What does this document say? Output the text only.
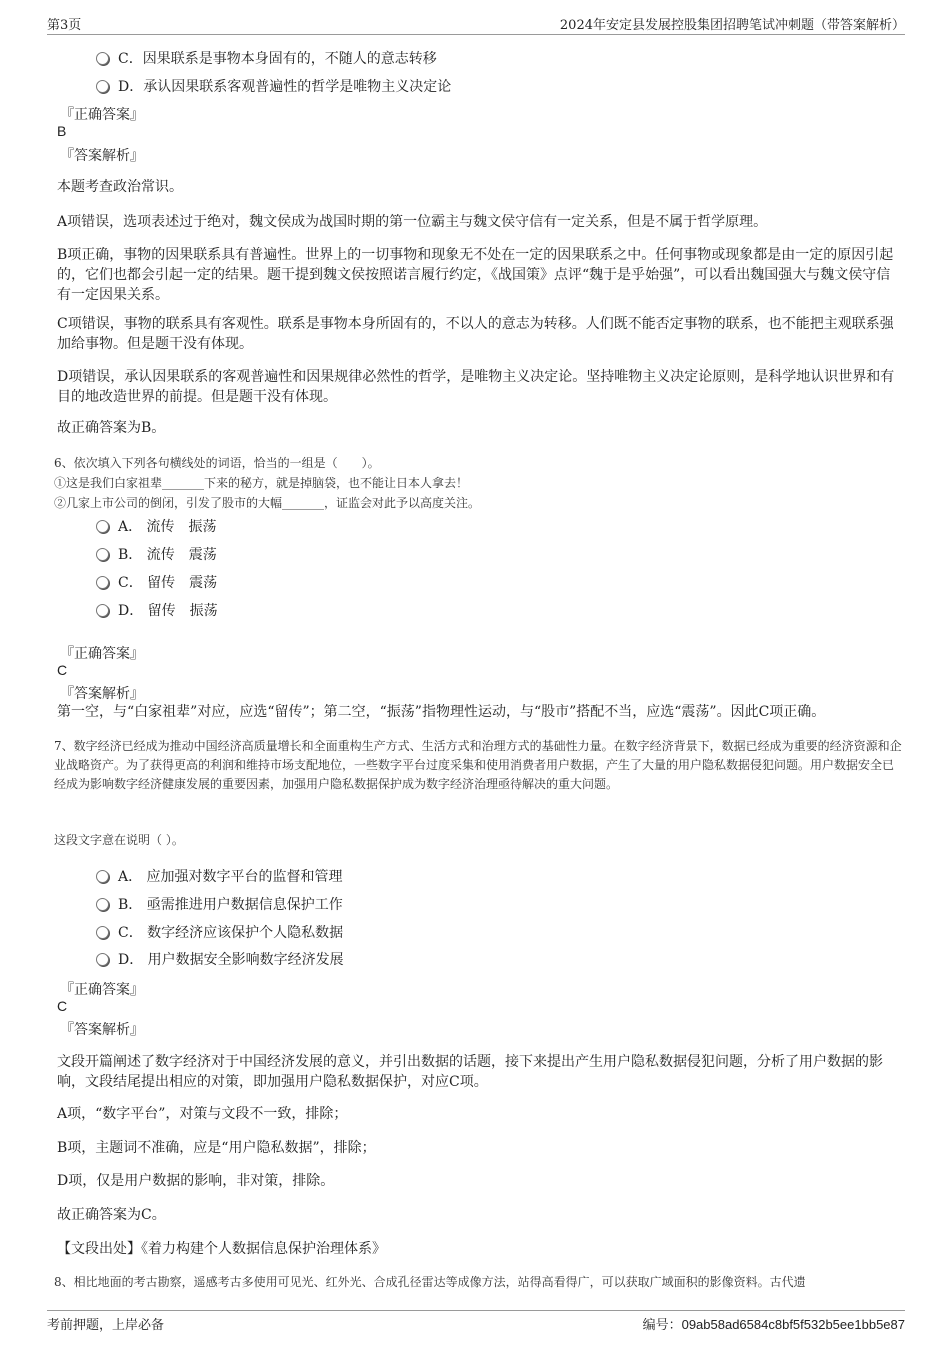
第3页	2024年安定县发展控股集团招聘笔试冲刺题（带答案解析）
C．因果联系是事物本身固有的，不随人的意志转移
D．承认因果联系客观普遍性的哲学是唯物主义决定论
『正确答案』
B
『答案解析』
本题考查政治常识。
A项错误，选项表述过于绝对，魏文侯成为战国时期的第一位霸主与魏文侯守信有一定关系，但是不属于哲学原理。
B项正确，事物的因果联系具有普遍性。世界上的一切事物和现象无不处在一定的因果联系之中。任何事物或现象都是由一定的原因引起的，它们也都会引起一定的结果。题干提到魏文侯按照诺言履行约定，《战国策》点评“魏于是乎始强”，可以看出魏国强大与魏文侯守信有一定因果关系。
C项错误，事物的联系具有客观性。联系是事物本身所固有的，不以人的意志为转移。人们既不能否定事物的联系，也不能把主观联系强加给事物。但是题干没有体现。
D项错误，承认因果联系的客观普遍性和因果规律必然性的哲学，是唯物主义决定论。坚持唯物主义决定论原则，是科学地认识世界和有目的地改造世界的前提。但是题干没有体现。
故正确答案为B。
6、依次填入下列各句横线处的词语，恰当的一组是（　　）。
①这是我们白家祖辈_______下来的秘方，就是掉脑袋，也不能让日本人拿去！
②几家上市公司的倒闭，引发了股市的大幅_______，证监会对此予以高度关注。
A． 流传　振荡
B． 流传　震荡
C． 留传　震荡
D． 留传　振荡
『正确答案』
C
『答案解析』
第一空，与“白家祖辈”对应，应选“留传”；第二空，“振荡”指物理性运动，与“股市”搭配不当，应选“震荡”。因此C项正确。
7、数字经济已经成为推动中国经济高质量增长和全面重构生产方式、生活方式和治理方式的基础性力量。在数字经济背景下，数据已经成为重要的经济资源和企业战略资产。为了获得更高的利润和维持市场支配地位，一些数字平台过度采集和使用消费者用户数据，产生了大量的用户隐私数据侵犯问题。用户数据安全已经成为影响数字经济健康发展的重要因素，加强用户隐私数据保护成为数字经济治理亟待解决的重大问题。
这段文字意在说明（ ）。
A． 应加强对数字平台的监督和管理
B． 亟需推进用户数据信息保护工作
C． 数字经济应该保护个人隐私数据
D． 用户数据安全影响数字经济发展
『正确答案』
C
『答案解析』
文段开篇阐述了数字经济对于中国经济发展的意义，并引出数据的话题，接下来提出产生用户隐私数据侵犯问题，分析了用户数据的影响，文段结尾提出相应的对策，即加强用户隐私数据保护，对应C项。
A项，“数字平台”，对策与文段不一致，排除；
B项，主题词不准确，应是“用户隐私数据”，排除；
D项，仅是用户数据的影响，非对策，排除。
故正确答案为C。
【文段出处】《着力构建个人数据信息保护治理体系》
8、相比地面的考古勘察，遥感考古多使用可见光、红外光、合成孔径雷达等成像方法，站得高看得广，可以获取广域面积的影像资料。古代遗
考前押题，上岸必备	编号：09ab58ad6584c8bf5f532b5ee1bb5e87
